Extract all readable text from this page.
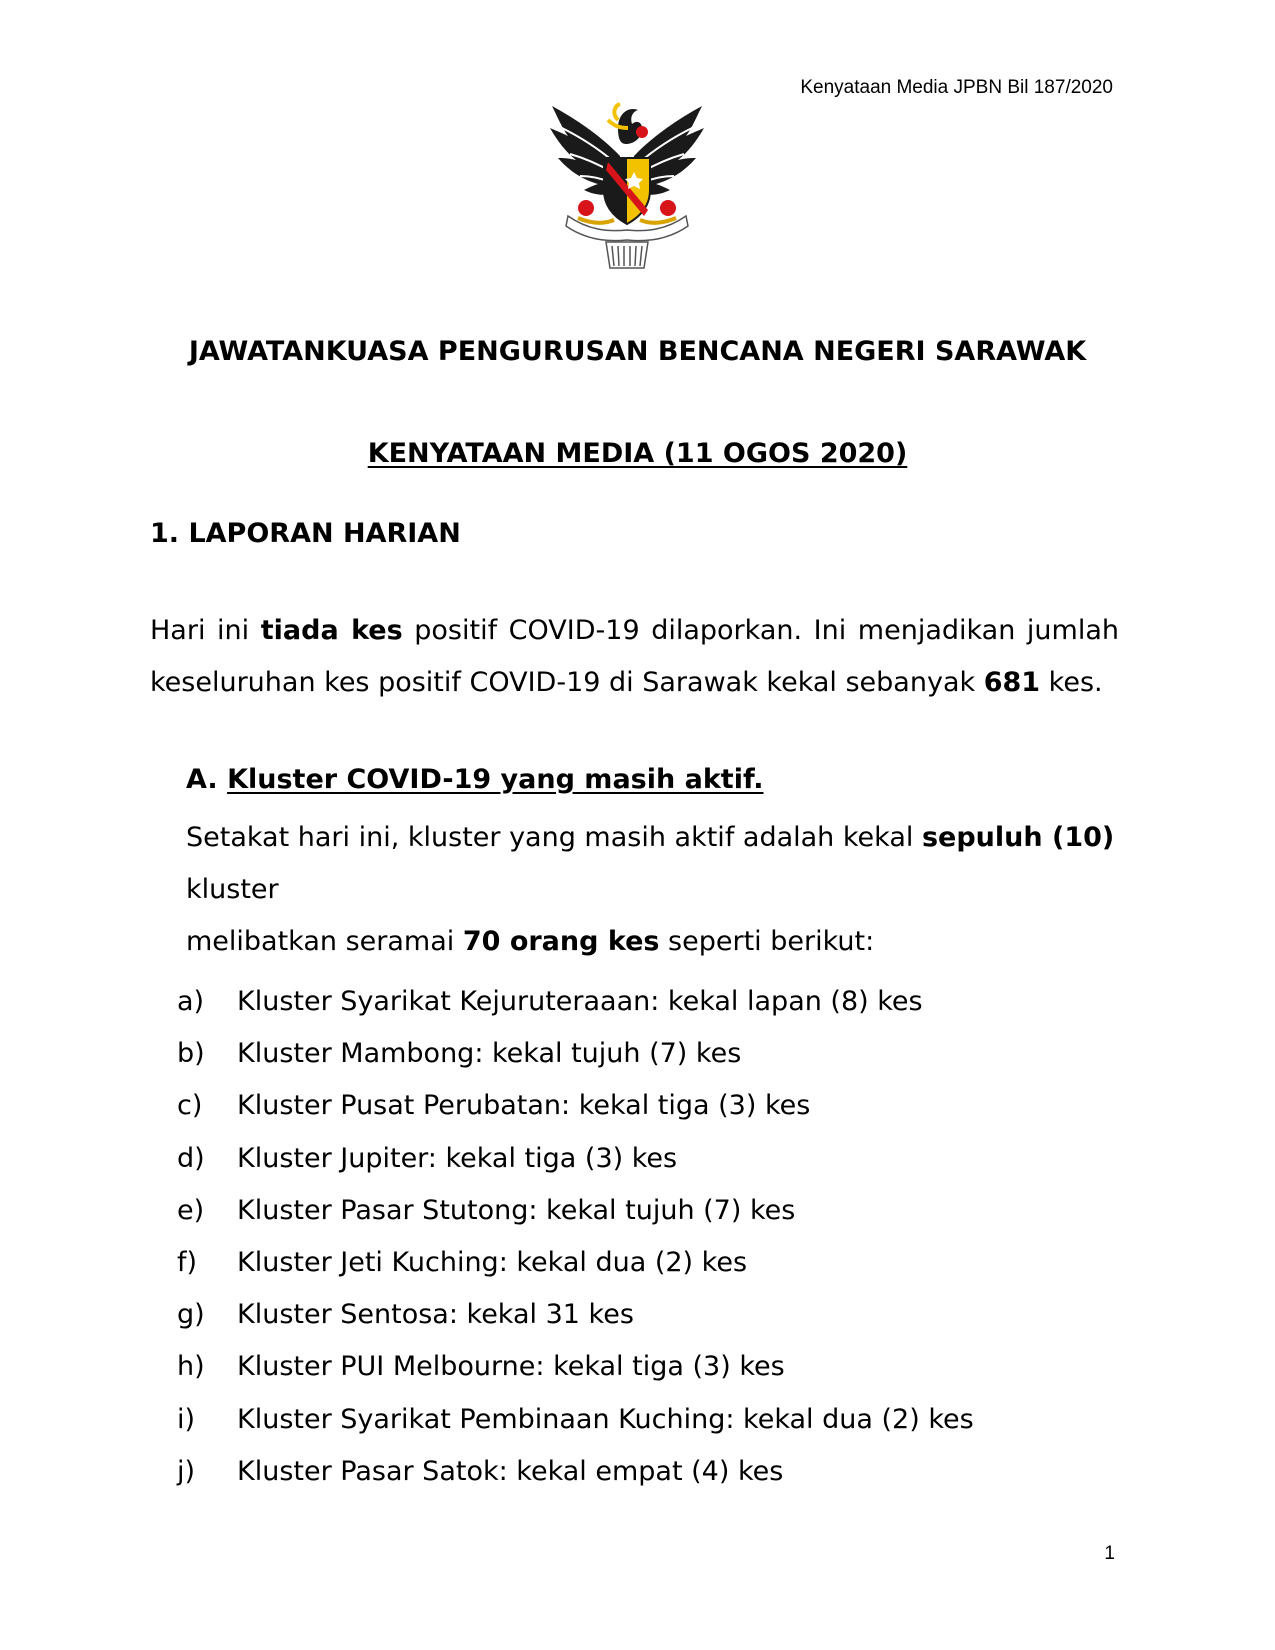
Kenyataan Media JPBN Bil 187/2020
JAWATANKUASA PENGURUSAN BENCANA NEGERI SARAWAK
KENYATAAN MEDIA (11 OGOS 2020)
1. LAPORAN HARIAN
Hari ini tiada kes positif COVID-19 dilaporkan. Ini menjadikan jumlah
keseluruhan kes positif COVID-19 di Sarawak kekal sebanyak 681 kes.
A. Kluster COVID-19 yang masih aktif.
Setakat hari ini, kluster yang masih aktif adalah kekal sepuluh (10) kluster
melibatkan seramai 70 orang kes seperti berikut:
a)	Kluster Syarikat Kejuruteraaan: kekal lapan (8) kes
b)	Kluster Mambong: kekal tujuh (7) kes
c)	Kluster Pusat Perubatan: kekal tiga (3) kes
d)	Kluster Jupiter: kekal tiga (3) kes
e)	Kluster Pasar Stutong: kekal tujuh (7) kes
f)	Kluster Jeti Kuching: kekal dua (2) kes
g)	Kluster Sentosa: kekal 31 kes
h)	Kluster PUI Melbourne: kekal tiga (3) kes
i)	Kluster Syarikat Pembinaan Kuching: kekal dua (2) kes
j)	Kluster Pasar Satok: kekal empat (4) kes
1
